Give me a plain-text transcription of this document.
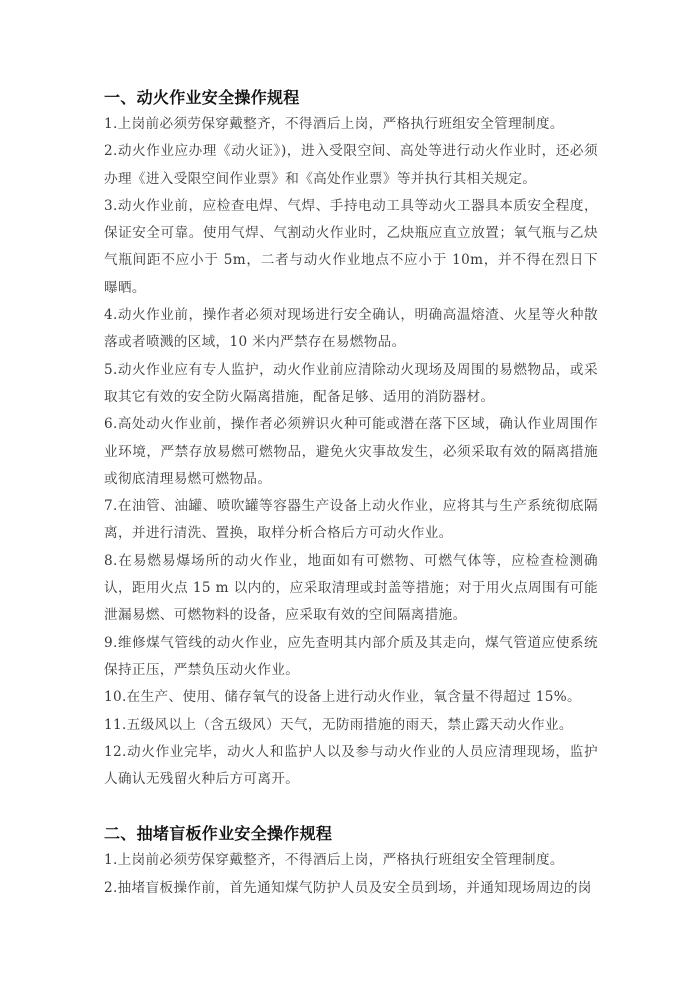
一、动火作业安全操作规程

1.上岗前必须劳保穿戴整齐，不得酒后上岗，严格执行班组安全管理制度。

2.动火作业应办理《动火证》)，进入受限空间、高处等进行动火作业时，还必须办理《进入受限空间作业票》和《高处作业票》等并执行其相关规定。

3.动火作业前，应检查电焊、气焊、手持电动工具等动火工器具本质安全程度，保证安全可靠。使用气焊、气割动火作业时，乙炔瓶应直立放置；氧气瓶与乙炔气瓶间距不应小于 5m，二者与动火作业地点不应小于 10m，并不得在烈日下曝晒。

4.动火作业前，操作者必须对现场进行安全确认，明确高温熔渣、火星等火种散落或者喷溅的区域，10 米内严禁存在易燃物品。

5.动火作业应有专人监护，动火作业前应清除动火现场及周围的易燃物品，或采取其它有效的安全防火隔离措施，配备足够、适用的消防器材。

6.高处动火作业前，操作者必须辨识火种可能或潜在落下区域，确认作业周围作业环境，严禁存放易燃可燃物品，避免火灾事故发生，必须采取有效的隔离措施或彻底清理易燃可燃物品。

7.在油管、油罐、喷吹罐等容器生产设备上动火作业，应将其与生产系统彻底隔离，并进行清洗、置换，取样分析合格后方可动火作业。

8.在易燃易爆场所的动火作业，地面如有可燃物、可燃气体等，应检查检测确认，距用火点 15 m 以内的，应采取清理或封盖等措施；对于用火点周围有可能泄漏易燃、可燃物料的设备，应采取有效的空间隔离措施。

9.维修煤气管线的动火作业，应先查明其内部介质及其走向，煤气管道应使系统保持正压，严禁负压动火作业。

10.在生产、使用、储存氧气的设备上进行动火作业，氧含量不得超过 15%。

11.五级风以上（含五级风）天气，无防雨措施的雨天，禁止露天动火作业。

12.动火作业完毕，动火人和监护人以及参与动火作业的人员应清理现场，监护人确认无残留火种后方可离开。

二、抽堵盲板作业安全操作规程

1.上岗前必须劳保穿戴整齐，不得酒后上岗，严格执行班组安全管理制度。

2.抽堵盲板操作前，首先通知煤气防护人员及安全员到场，并通知现场周边的岗
